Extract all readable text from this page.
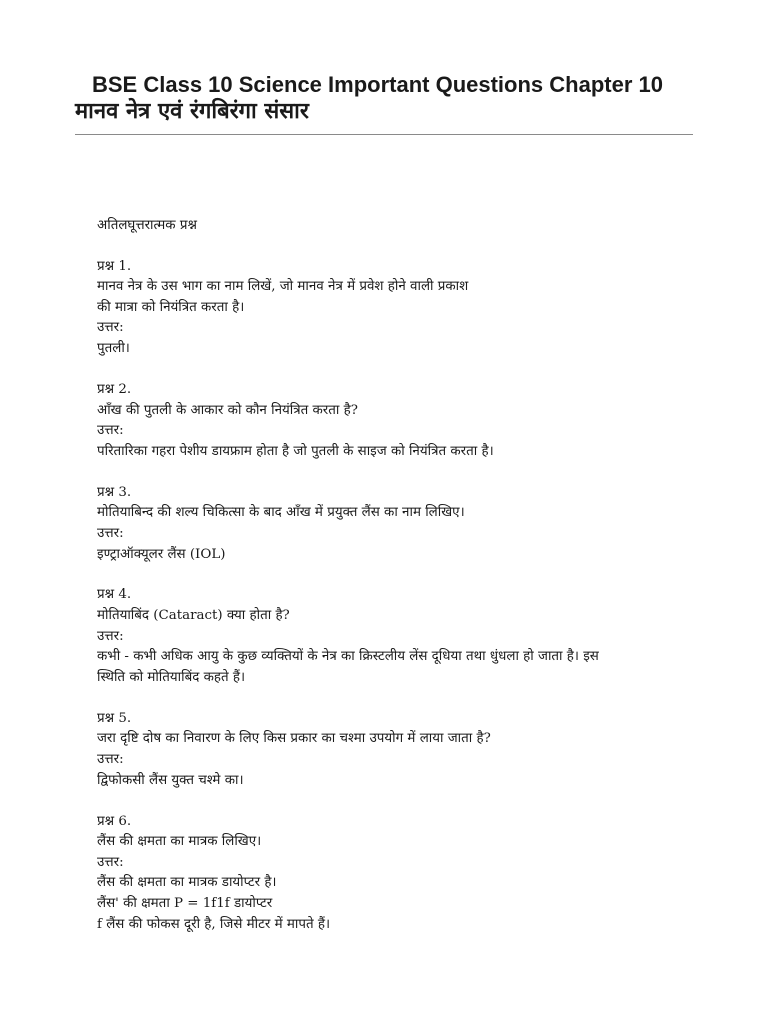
BSE Class 10 Science Important Questions Chapter 10
मानव नेत्र एवं रंगबिरंगा संसार

अतिलघूत्तरात्मक प्रश्न

प्रश्न 1.

मानव नेत्र के उस भाग का नाम लिखें, जो मानव नेत्र में प्रवेश होने वाली प्रकाश

की मात्रा को नियंत्रित करता है।

उत्तर:

पुतली।

प्रश्न 2.

आँख की पुतली के आकार को कौन नियंत्रित करता है?

उत्तर:

परितारिका गहरा पेशीय डायफ्राम होता है जो पुतली के साइज को नियंत्रित करता है।

प्रश्न 3.

मोतियाबिन्द की शल्य चिकित्सा के बाद आँख में प्रयुक्त लैंस का नाम लिखिए।

उत्तर:

इण्ट्राऑक्यूलर लैंस (IOL)

प्रश्न 4.

मोतियाबिंद (Cataract) क्या होता है?

उत्तर:

कभी - कभी अधिक आयु के कुछ व्यक्तियों के नेत्र का क्रिस्टलीय लेंस दूधिया तथा धुंधला हो जाता है। इस

स्थिति को मोतियाबिंद कहते हैं।

प्रश्न 5.

जरा दृष्टि दोष का निवारण के लिए किस प्रकार का चश्मा उपयोग में लाया जाता है?

उत्तर:

द्विफोकसी लैंस युक्त चश्मे का।

प्रश्न 6.

लैंस की क्षमता का मात्रक लिखिए।

उत्तर:

लैंस की क्षमता का मात्रक डायोप्टर है।

लैंस' की क्षमता P = 1f1f डायोप्टर

f लैंस की फोकस दूरी है, जिसे मीटर में मापते हैं।
